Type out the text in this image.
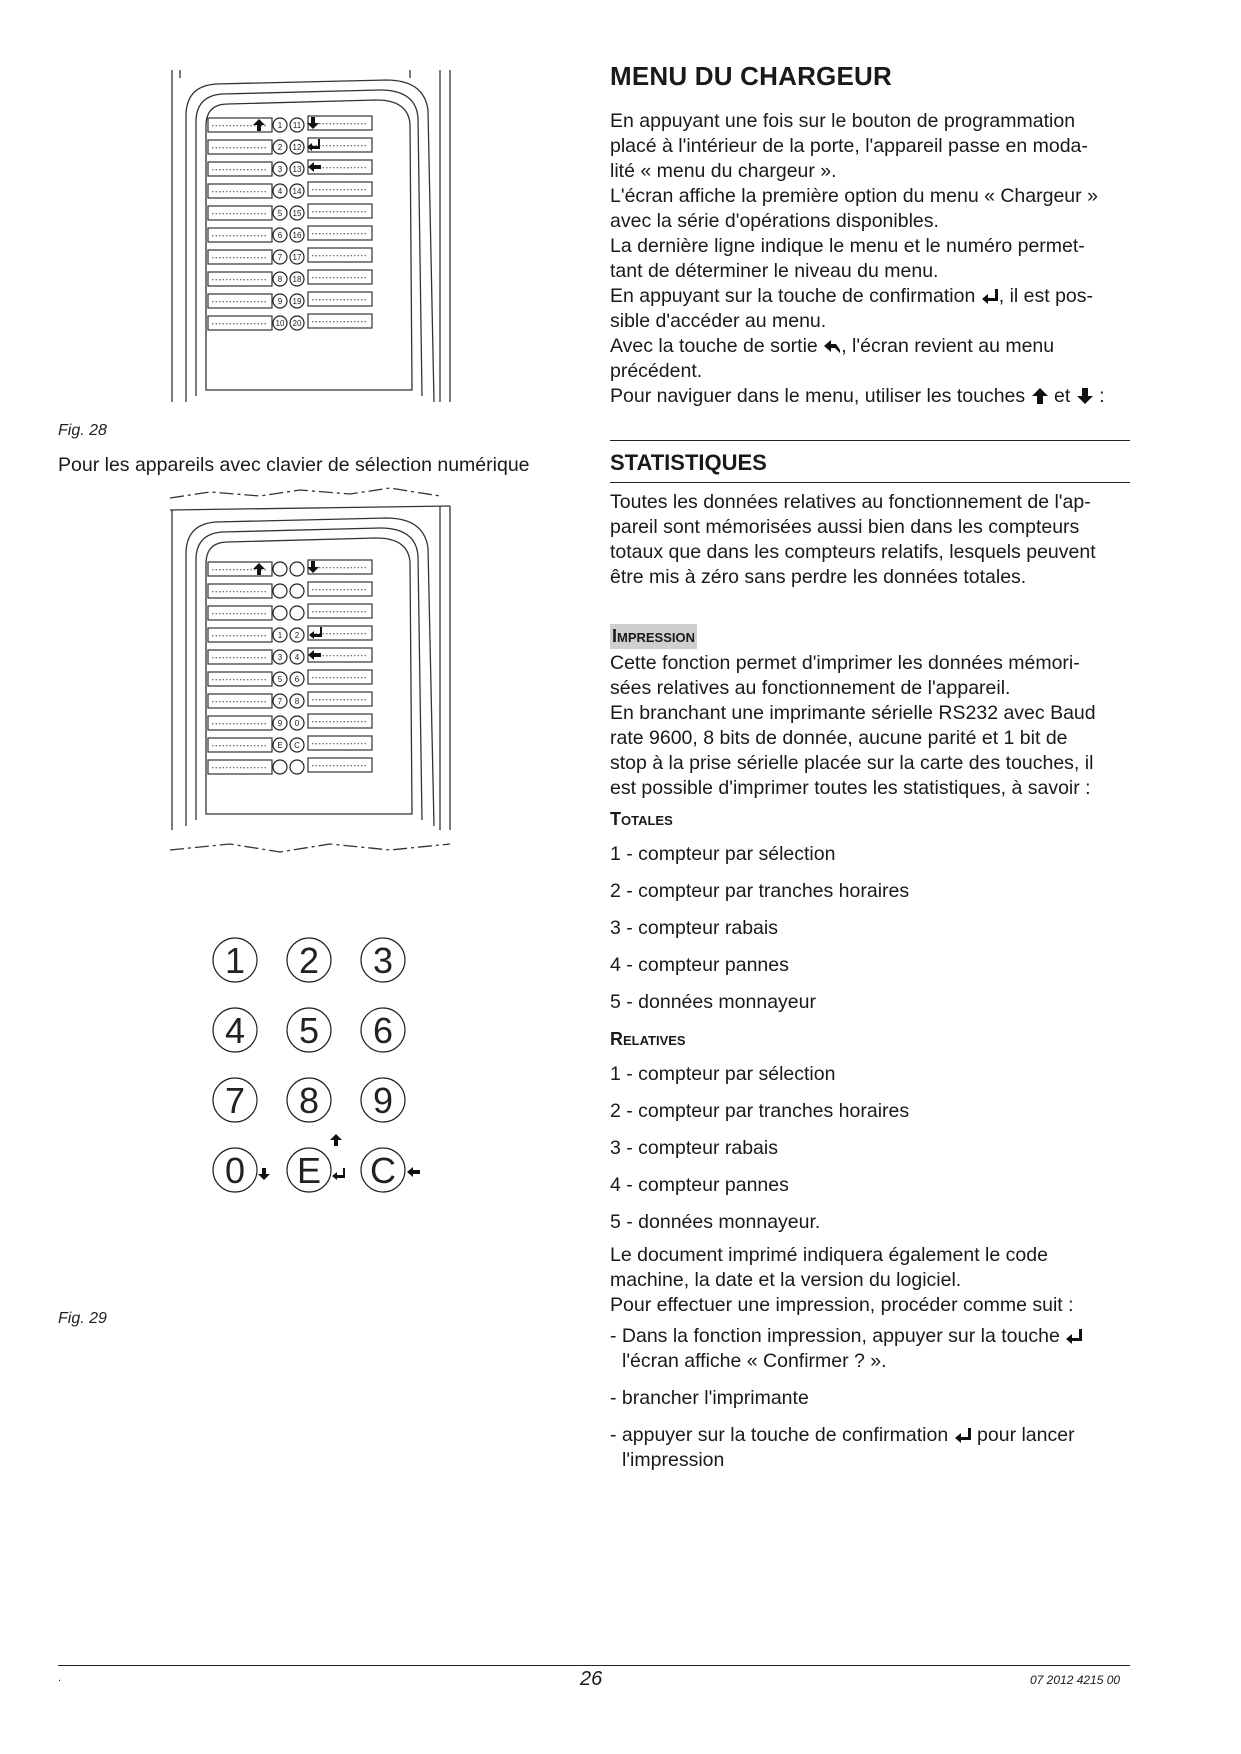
1 11
2 12
3 13
4 14
5 15
6 16
7 17
8 18
9 19
10 20
Fig. 28
Pour les appareils avec clavier de sélection numérique
1 2
3 4
5 6
7 8
9 0
E C
1 2 3
4 5 6
7 8 9
0 E C
Fig. 29
MENU DU CHARGEUR

En appuyant une fois sur le bouton de programmation

placé à l'intérieur de la porte, l'appareil passe en moda-

lité « menu du chargeur ».

L'écran affiche la première option du menu « Chargeur »

avec la série d'opérations disponibles.

La dernière ligne indique le menu et le numéro permet-

tant de déterminer le niveau du menu.

En appuyant sur la touche de confirmation , il est pos-

sible d'accéder au menu.

Avec la touche de sortie , l'écran revient au menu

précédent.

Pour naviguer dans le menu, utiliser les touches et :

STATISTIQUES

Toutes les données relatives au fonctionnement de l'ap-

pareil sont mémorisées aussi bien dans les compteurs

totaux que dans les compteurs relatifs, lesquels peuvent

être mis à zéro sans perdre les données totales.

Impression

Cette fonction permet d'imprimer les données mémori-

sées relatives au fonctionnement de l'appareil.

En branchant une imprimante sérielle RS232 avec Baud

rate 9600, 8 bits de donnée, aucune parité et 1 bit de

stop à la prise sérielle placée sur la carte des touches, il

est possible d'imprimer toutes les statistiques, à savoir :

Totales

1 - compteur par sélection

2 - compteur par tranches horaires

3 - compteur rabais

4 - compteur pannes

5 - données monnayeur

Relatives

1 - compteur par sélection

2 - compteur par tranches horaires

3 - compteur rabais

4 - compteur pannes

5 - données monnayeur.

Le document imprimé indiquera également le code

machine, la date et la version du logiciel.

Pour effectuer une impression, procéder comme suit :

- Dans la fonction impression, appuyer sur la touche

l'écran affiche « Confirmer ? ».

- brancher l'imprimante

- appuyer sur la touche de confirmation pour lancer

l'impression

.	26	07 2012 4215 00
